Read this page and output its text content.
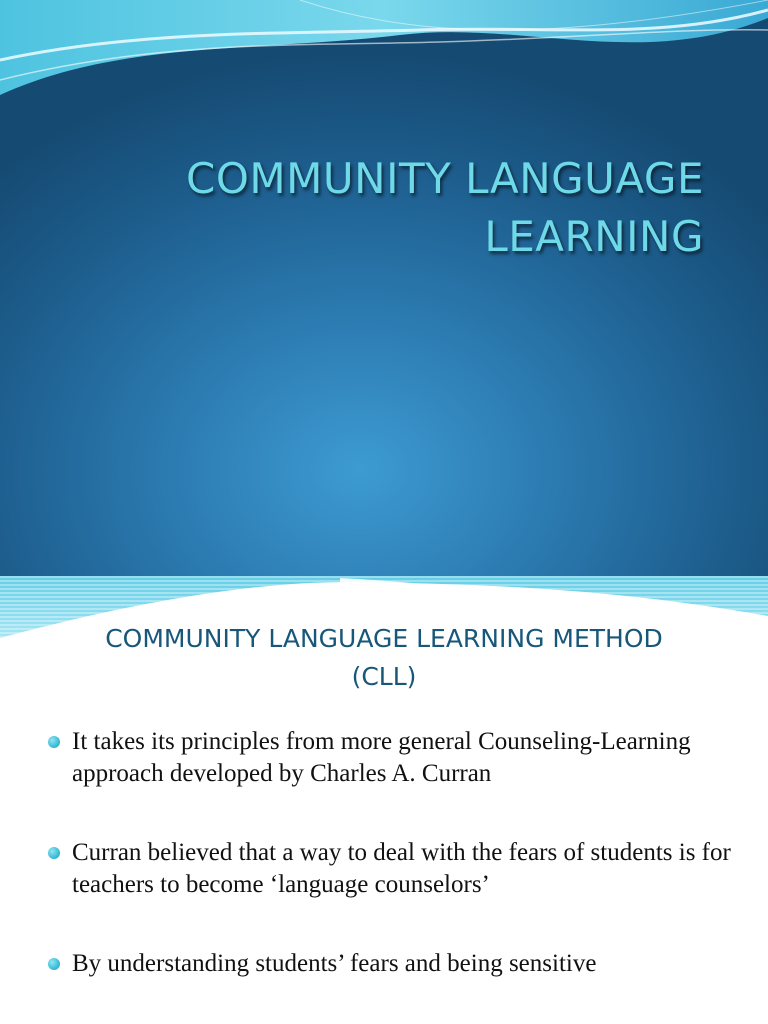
COMMUNITY LANGUAGE
LEARNING
COMMUNITY LANGUAGE LEARNING METHOD
(CLL)
It takes its principles from more general Counseling-Learning approach developed by Charles A. Curran
Curran believed that a way to deal with the fears of students is for teachers to become ‘language counselors’
By understanding students’ fears and being sensitive
